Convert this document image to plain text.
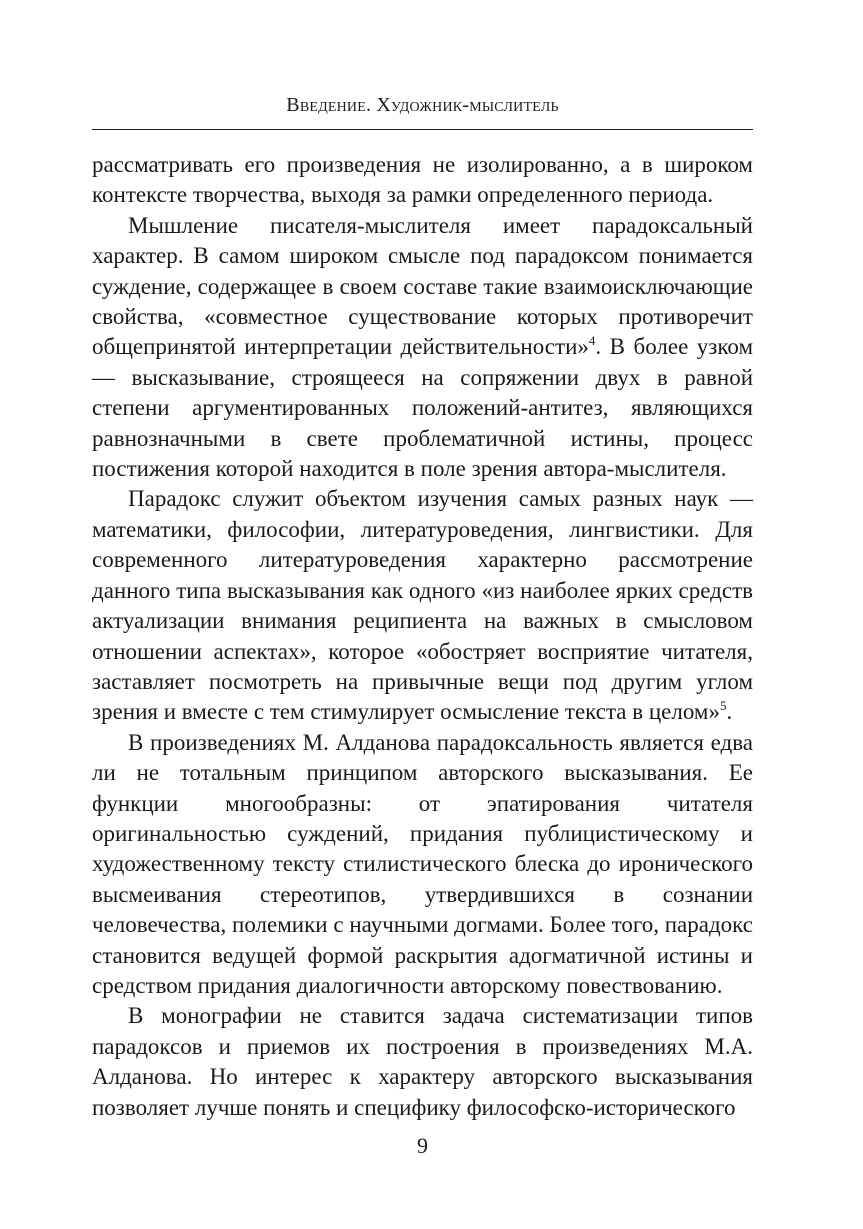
Введение. Художник-мыслитель

рассматривать его произведения не изолированно, а в широком контексте творчества, выходя за рамки определенного периода.

Мышление писателя-мыслителя имеет парадоксальный характер. В самом широком смысле под парадоксом понимается суждение, содержащее в своем составе такие взаимоисключающие свойства, «совместное существование которых противоречит общепринятой интерпретации действительности»$^4$. В более узком — высказывание, строящееся на сопряжении двух в равной степени аргументированных положений-антитез, являющихся равнозначными в свете проблематичной истины, процесс постижения которой находится в поле зрения автора-мыслителя.

Парадокс служит объектом изучения самых разных наук — математики, философии, литературоведения, лингвистики. Для современного литературоведения характерно рассмотрение данного типа высказывания как одного «из наиболее ярких средств актуализации внимания реципиента на важных в смысловом отношении аспектах», которое «обостряет восприятие читателя, заставляет посмотреть на привычные вещи под другим углом зрения и вместе с тем стимулирует осмысление текста в целом»$^5$.

В произведениях М. Алданова парадоксальность является едва ли не тотальным принципом авторского высказывания. Ее функции многообразны: от эпатирования читателя оригинальностью суждений, придания публицистическому и художественному тексту стилистического блеска до иронического высмеивания стереотипов, утвердившихся в сознании человечества, полемики с научными догмами. Более того, парадокс становится ведущей формой раскрытия адогматичной истины и средством придания диалогичности авторскому повествованию.

В монографии не ставится задача систематизации типов парадоксов и приемов их построения в произведениях М.А. Алданова. Но интерес к характеру авторского высказывания позволяет лучше понять и специфику философско-исторического

9
